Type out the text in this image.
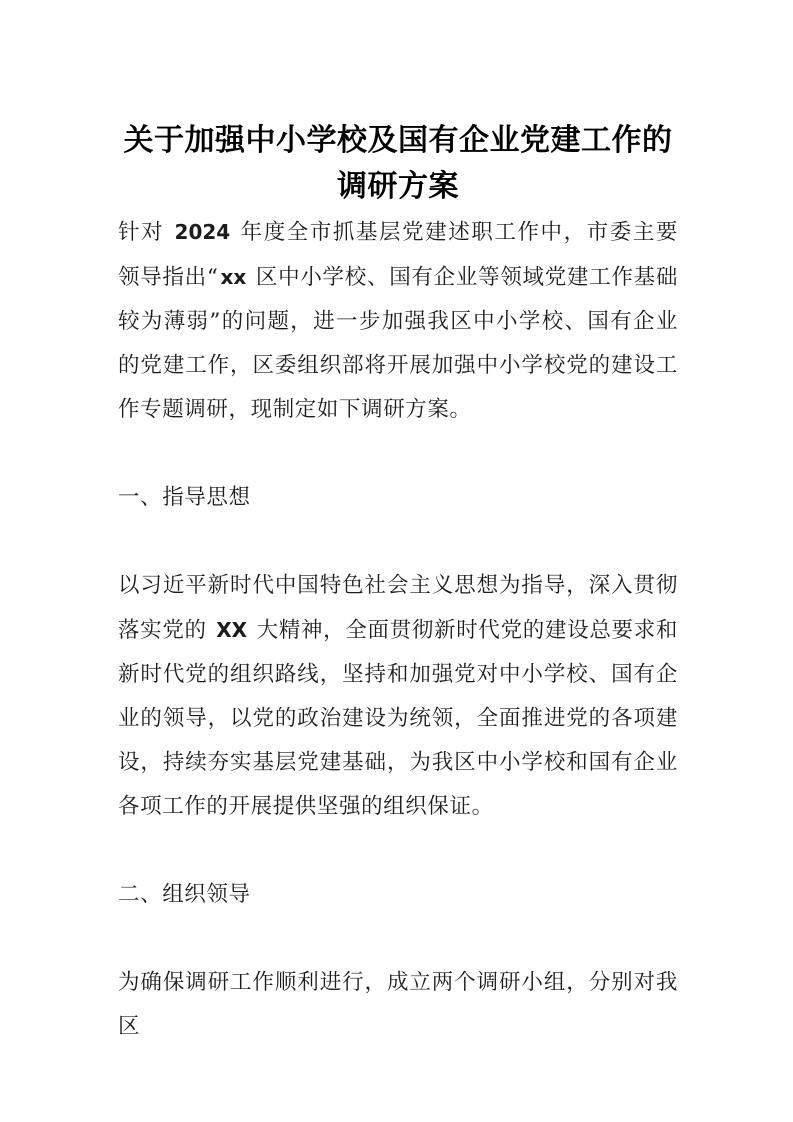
关于加强中小学校及国有企业党建工作的
调研方案

针对 2024 年度全市抓基层党建述职工作中，市委主要领导指出“ xx 区中小学校、国有企业等领域党建工作基础较为薄弱”的问题，进一步加强我区中小学校、国有企业的党建工作，区委组织部将开展加强中小学校党的建设工作专题调研，现制定如下调研方案。

一、指导思想

以习近平新时代中国特色社会主义思想为指导，深入贯彻落实党的 XX 大精神，全面贯彻新时代党的建设总要求和新时代党的组织路线，坚持和加强党对中小学校、国有企业的领导，以党的政治建设为统领，全面推进党的各项建设，持续夯实基层党建基础，为我区中小学校和国有企业各项工作的开展提供坚强的组织保证。

二、组织领导

为确保调研工作顺利进行，成立两个调研小组，分别对我区
